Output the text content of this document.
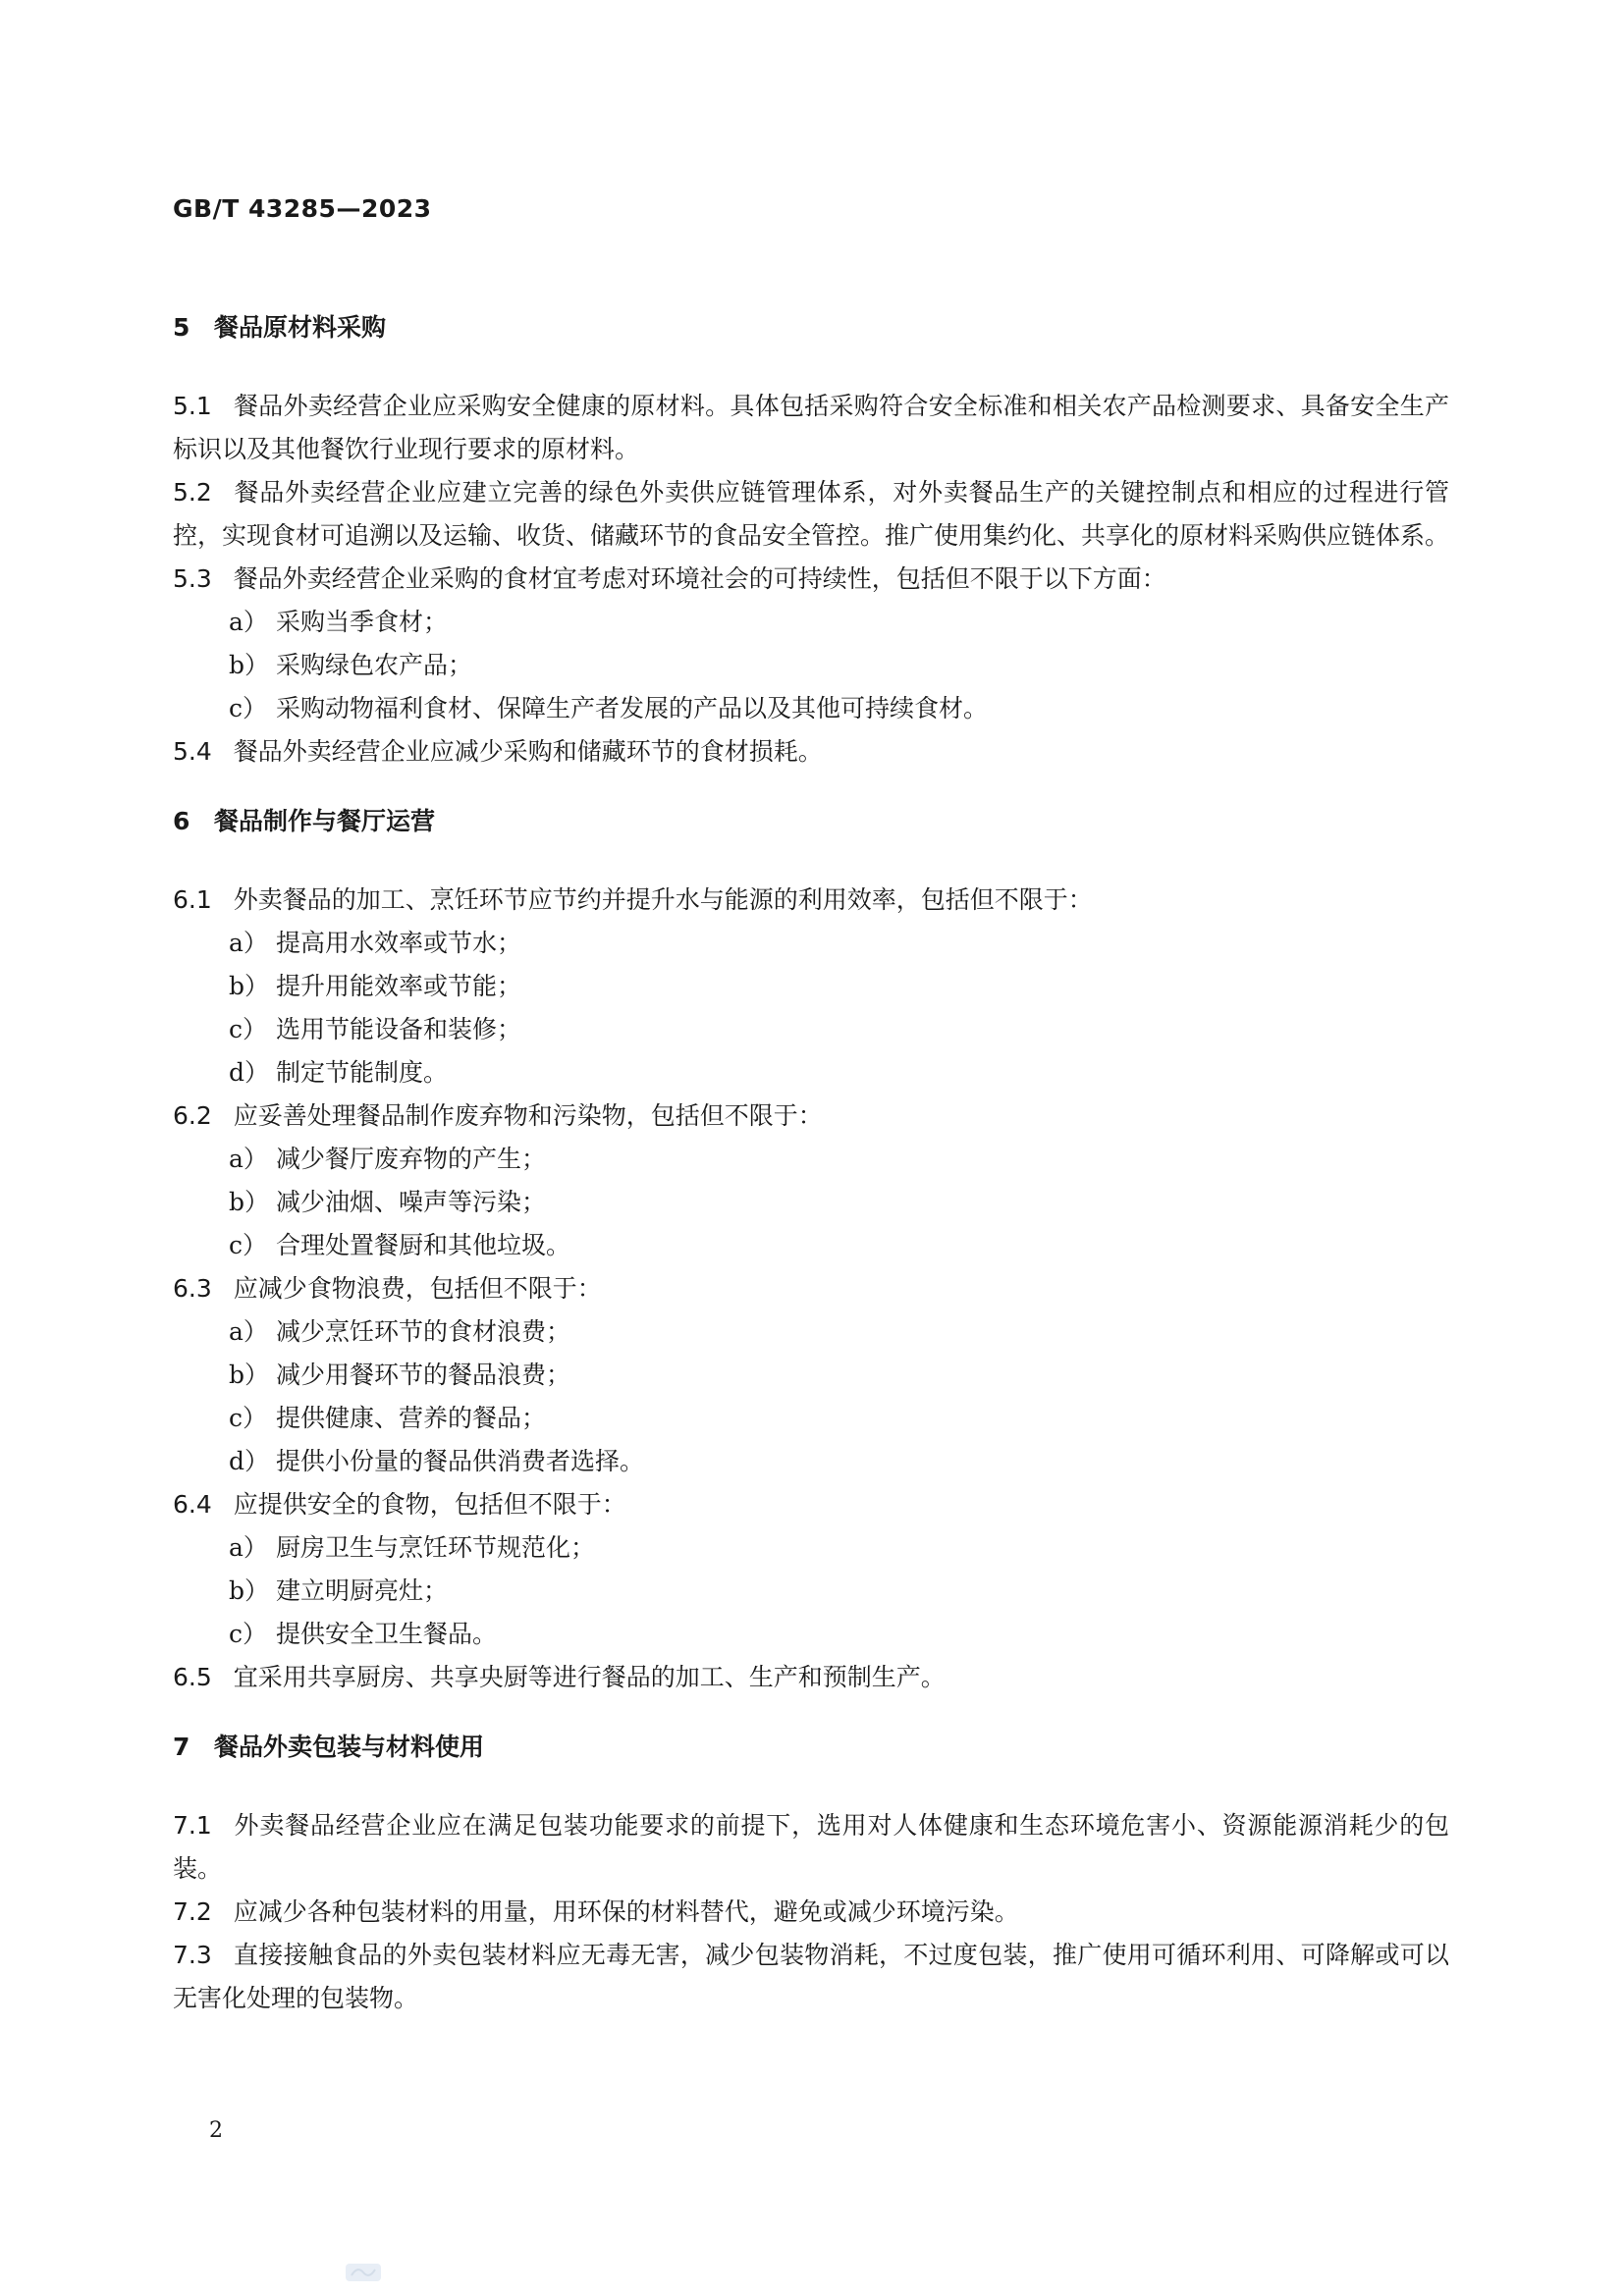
GB/T 43285—2023
5 餐品原材料采购
5.1 餐品外卖经营企业应采购安全健康的原材料。具体包括采购符合安全标准和相关农产品检测要求、具备安全生产标识以及其他餐饮行业现行要求的原材料。
5.2 餐品外卖经营企业应建立完善的绿色外卖供应链管理体系，对外卖餐品生产的关键控制点和相应的过程进行管控，实现食材可追溯以及运输、收货、储藏环节的食品安全管控。推广使用集约化、共享化的原材料采购供应链体系。
5.3 餐品外卖经营企业采购的食材宜考虑对环境社会的可持续性，包括但不限于以下方面：
a） 采购当季食材；
b） 采购绿色农产品；
c） 采购动物福利食材、保障生产者发展的产品以及其他可持续食材。
5.4 餐品外卖经营企业应减少采购和储藏环节的食材损耗。
6 餐品制作与餐厅运营
6.1 外卖餐品的加工、烹饪环节应节约并提升水与能源的利用效率，包括但不限于：
a） 提高用水效率或节水；
b） 提升用能效率或节能；
c） 选用节能设备和装修；
d） 制定节能制度。
6.2 应妥善处理餐品制作废弃物和污染物，包括但不限于：
a） 减少餐厅废弃物的产生；
b） 减少油烟、噪声等污染；
c） 合理处置餐厨和其他垃圾。
6.3 应减少食物浪费，包括但不限于：
a） 减少烹饪环节的食材浪费；
b） 减少用餐环节的餐品浪费；
c） 提供健康、营养的餐品；
d） 提供小份量的餐品供消费者选择。
6.4 应提供安全的食物，包括但不限于：
a） 厨房卫生与烹饪环节规范化；
b） 建立明厨亮灶；
c） 提供安全卫生餐品。
6.5 宜采用共享厨房、共享央厨等进行餐品的加工、生产和预制生产。
7 餐品外卖包装与材料使用
7.1 外卖餐品经营企业应在满足包装功能要求的前提下，选用对人体健康和生态环境危害小、资源能源消耗少的包装。
7.2 应减少各种包装材料的用量，用环保的材料替代，避免或减少环境污染。
7.3 直接接触食品的外卖包装材料应无毒无害，减少包装物消耗，不过度包装，推广使用可循环利用、可降解或可以无害化处理的包装物。
2
